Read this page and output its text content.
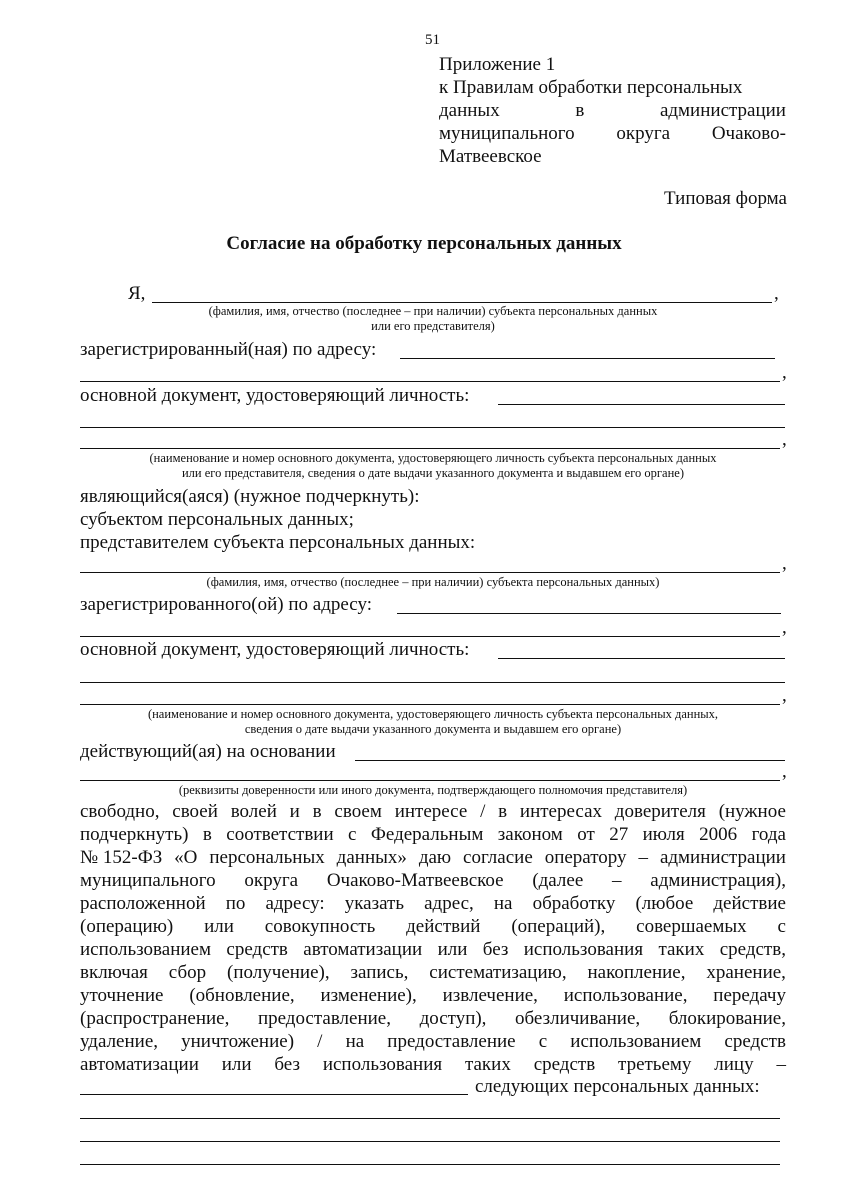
51
Приложение 1
к Правилам обработки персональных
данных	в	администрации
муниципального округа Очаково-
Матвеевское
Типовая форма
Согласие на обработку персональных данных
Я,	,
(фамилия, имя, отчество (последнее – при наличии) субъекта персональных данных
или его представителя)
зарегистрированный(ная) по адресу:
,
основной документ, удостоверяющий личность:
,
(наименование и номер основного документа, удостоверяющего личность субъекта персональных данных
или его представителя, сведения о дате выдачи указанного документа и выдавшем его органе)
являющийся(аяся) (нужное подчеркнуть):
субъектом персональных данных;
представителем субъекта персональных данных:
,
(фамилия, имя, отчество (последнее – при наличии) субъекта персональных данных)
зарегистрированного(ой) по адресу:
,
основной документ, удостоверяющий личность:
,
(наименование и номер основного документа, удостоверяющего личность субъекта персональных данных,
сведения о дате выдачи указанного документа и выдавшем его органе)
действующий(ая) на основании
,
(реквизиты доверенности или иного документа, подтверждающего полномочия представителя)
свободно, своей волей и в своем интересе / в интересах доверителя (нужное
подчеркнуть) в соответствии с Федеральным законом от 27 июля 2006 года
№ 152-ФЗ «О персональных данных» даю согласие оператору – администрации
муниципального округа Очаково-Матвеевское (далее – администрация),
расположенной по адресу: указать адрес, на обработку (любое действие
(операцию) или совокупность действий (операций), совершаемых с
использованием средств автоматизации или без использования таких средств,
включая сбор (получение), запись, систематизацию, накопление, хранение,
уточнение (обновление, изменение), извлечение, использование, передачу
(распространение, предоставление, доступ), обезличивание, блокирование,
удаление, уничтожение) / на предоставление с использованием средств
автоматизации или без использования таких средств третьему лицу –
следующих персональных данных:
